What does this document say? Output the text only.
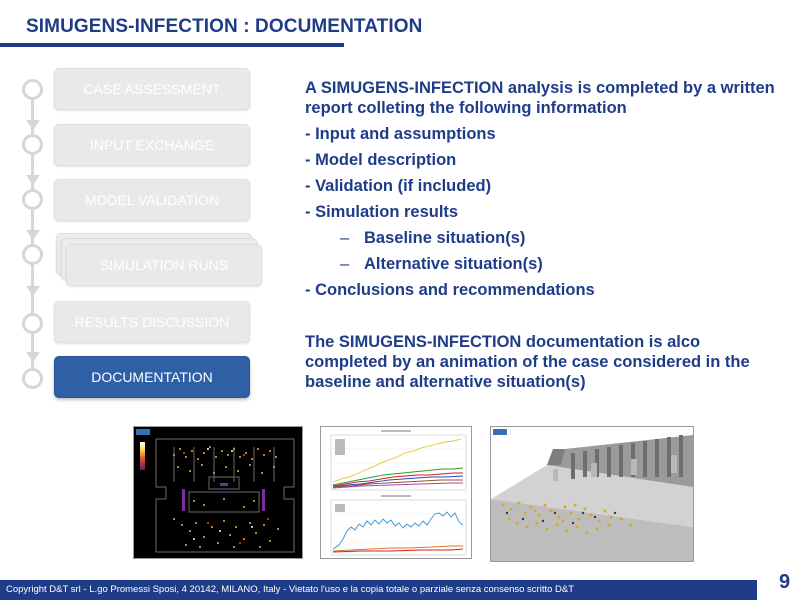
SIMUGENS-INFECTION : DOCUMENTATION
CASE ASSESSMENT
INPUT EXCHANGE
MODEL VALIDATION
SIMULATION RUNS
RESULTS DISCUSSION
DOCUMENTATION

A SIMUGENS-INFECTION analysis is completed by a written report colleting the following information

- Input and assumptions

- Model description

- Validation (if included)

- Simulation results

– Baseline situation(s)
– Alternative situation(s)

- Conclusions and recommendations

The SIMUGENS-INFECTION documentation is alco completed by an animation of the case considered in the baseline and alternative situation(s)

Copyright D&T srl - L.go Promessi Sposi, 4 20142, MILANO, Italy - Vietato l'uso e la copia totale o parziale senza consenso scritto D&T	9
